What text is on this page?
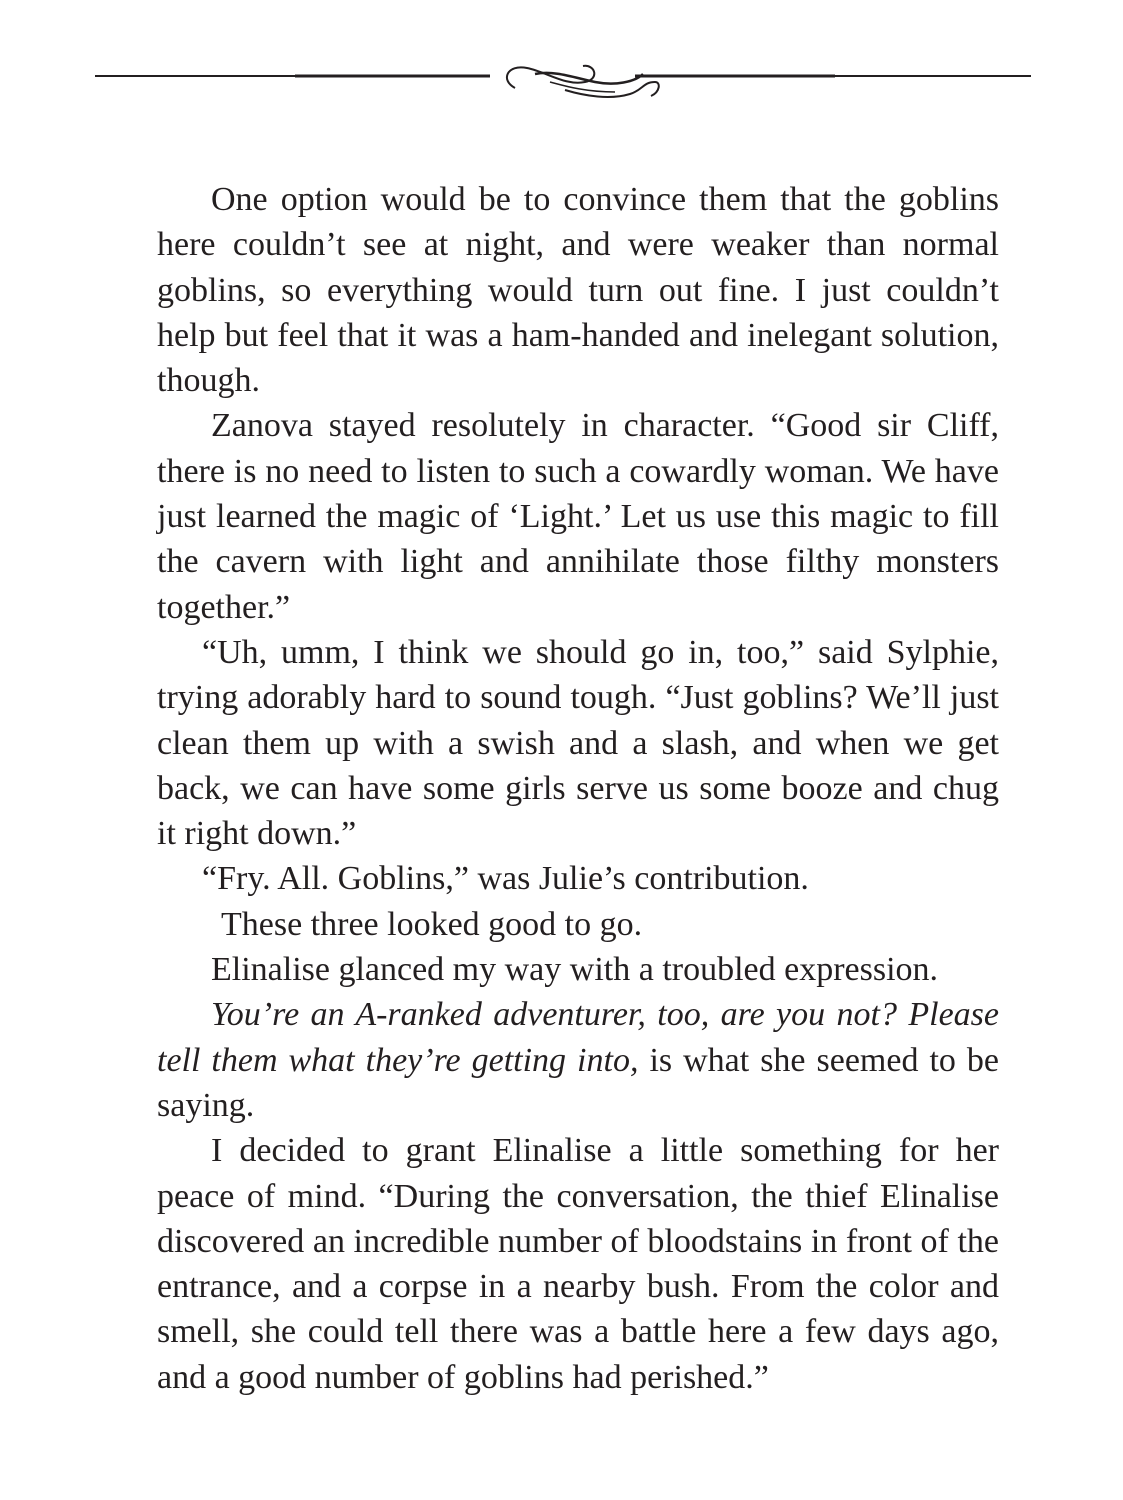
One option would be to convince them that the goblins here couldn’t see at night, and were weaker than normal goblins, so everything would turn out fine. I just couldn’t help but feel that it was a ham-handed and inelegant solution, though.

Zanova stayed resolutely in character. “Good sir Cliff, there is no need to listen to such a cowardly woman. We have just learned the magic of ‘Light.’ Let us use this magic to fill the cavern with light and annihilate those filthy monsters together.”

“Uh, umm, I think we should go in, too,” said Sylphie, trying adorably hard to sound tough. “Just goblins? We’ll just clean them up with a swish and a slash, and when we get back, we can have some girls serve us some booze and chug it right down.”

“Fry. All. Goblins,” was Julie’s contribution.

These three looked good to go.

Elinalise glanced my way with a troubled expression.

You’re an A-ranked adventurer, too, are you not? Please tell them what they’re getting into, is what she seemed to be saying.

I decided to grant Elinalise a little something for her peace of mind. “During the conversation, the thief Elinalise discovered an incredible number of bloodstains in front of the entrance, and a corpse in a nearby bush. From the color and smell, she could tell there was a battle here a few days ago, and a good number of goblins had perished.”
